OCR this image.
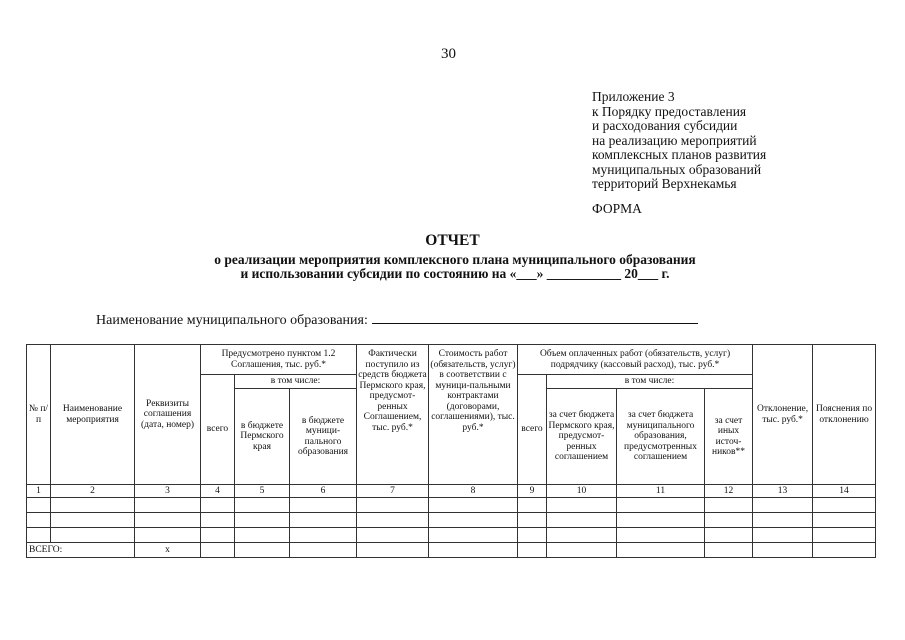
30
Приложение 3
к Порядку предоставления
и расходования субсидии
на реализацию мероприятий
комплексных планов развития
муниципальных образований
территорий Верхнекамья
ФОРМА
ОТЧЕТ
о реализации мероприятия комплексного плана муниципального образования
и использовании субсидии по состоянию на «___» ___________ 20___ г.
Наименование муниципального образования:
№ п/п	Наименование мероприятия	Реквизиты соглашения (дата, номер)	Предусмотрено пунктом 1.2 Соглашения, тыс. руб.*			Фактически поступило из средств бюджета Пермского края, предусмот-ренных Соглашением, тыс. руб.*	Стоимость работ (обязательств, услуг) в соответствии с муници-пальными контрактами (договорами, соглашениями), тыс. руб.*	Объем оплаченных работ (обязательств, услуг) подрядчику (кассовый расход), тыс. руб.*				Отклонение, тыс. руб.*	Пояснения по отклонению
			всего	в том числе:				всего	в том числе:				
				в бюджете Пермского края	в бюджете муници-пального образования				за счет бюджета Пермского края, предусмот-ренных соглашением	за счет бюджета муниципального образования, предусмотренных соглашением	за счет иных источ-ников**		
1	2	3	4	5	6	7	8	9	10	11	12	13	14

ВСЕГО:		x											
